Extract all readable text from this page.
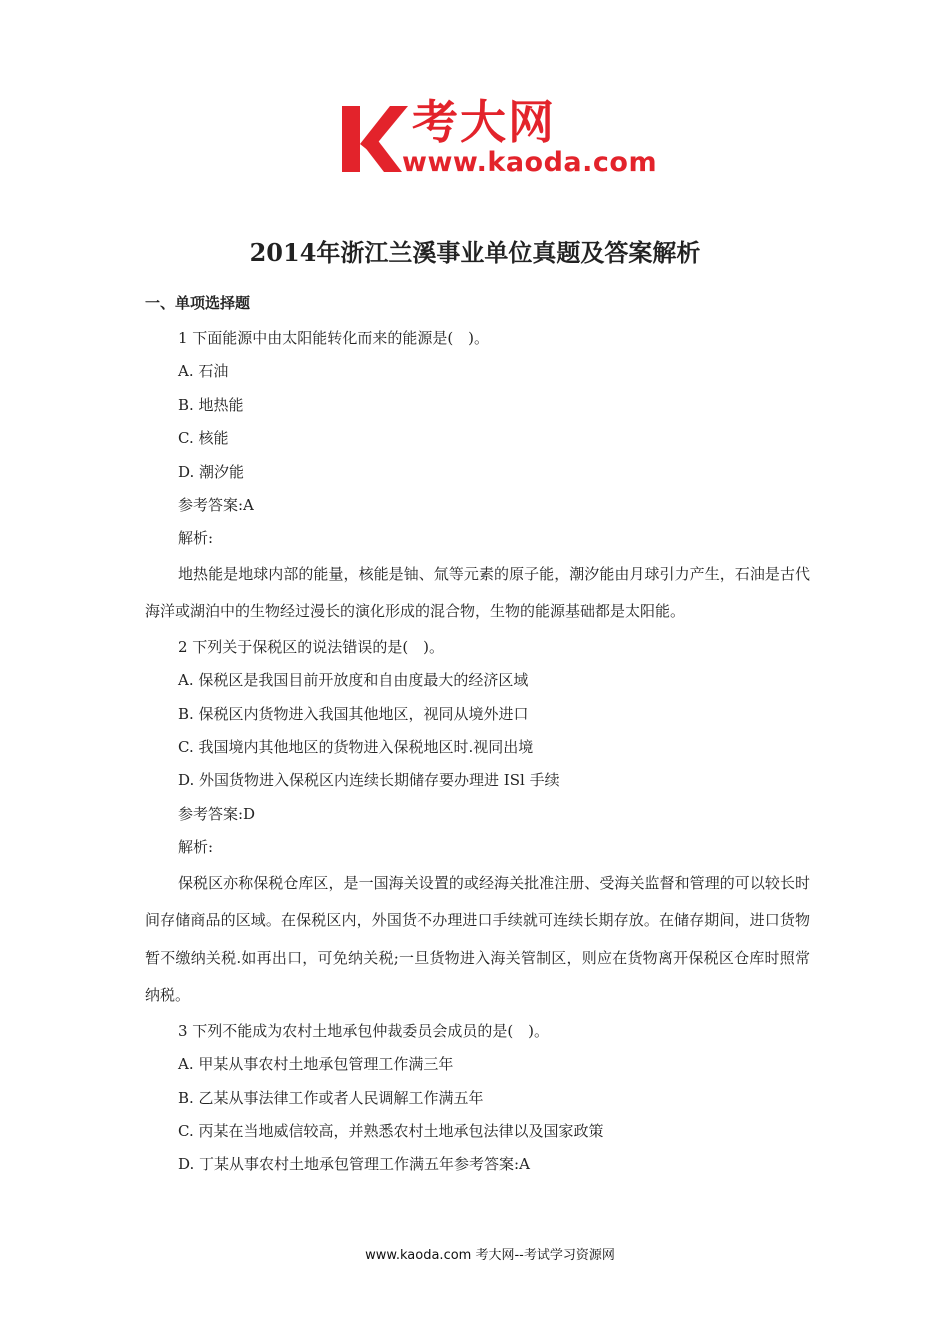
考大网
www.kaoda.com
2014年浙江兰溪事业单位真题及答案解析
一、单项选择题
1 下面能源中由太阳能转化而来的能源是(　)。
A. 石油
B. 地热能
C. 核能
D. 潮汐能
参考答案:A
解析:
地热能是地球内部的能量，核能是铀、氚等元素的原子能，潮汐能由月球引力产生，石油是古代海洋或湖泊中的生物经过漫长的演化形成的混合物，生物的能源基础都是太阳能。
2 下列关于保税区的说法错误的是(　)。
A. 保税区是我国目前开放度和自由度最大的经济区域
B. 保税区内货物进入我国其他地区，视同从境外进口
C. 我国境内其他地区的货物进入保税地区时.视同出境
D. 外国货物进入保税区内连续长期储存要办理进 ISl 手续
参考答案:D
解析:
保税区亦称保税仓库区，是一国海关设置的或经海关批准注册、受海关监督和管理的可以较长时间存储商品的区域。在保税区内，外国货不办理进口手续就可连续长期存放。在储存期间，进口货物暂不缴纳关税.如再出口，可免纳关税;一旦货物进入海关管制区，则应在货物离开保税区仓库时照常纳税。
3 下列不能成为农村土地承包仲裁委员会成员的是(　)。
A. 甲某从事农村土地承包管理工作满三年
B. 乙某从事法律工作或者人民调解工作满五年
C. 丙某在当地威信较高，并熟悉农村土地承包法律以及国家政策
D. 丁某从事农村土地承包管理工作满五年参考答案:A
www.kaoda.com 考大网--考试学习资源网
